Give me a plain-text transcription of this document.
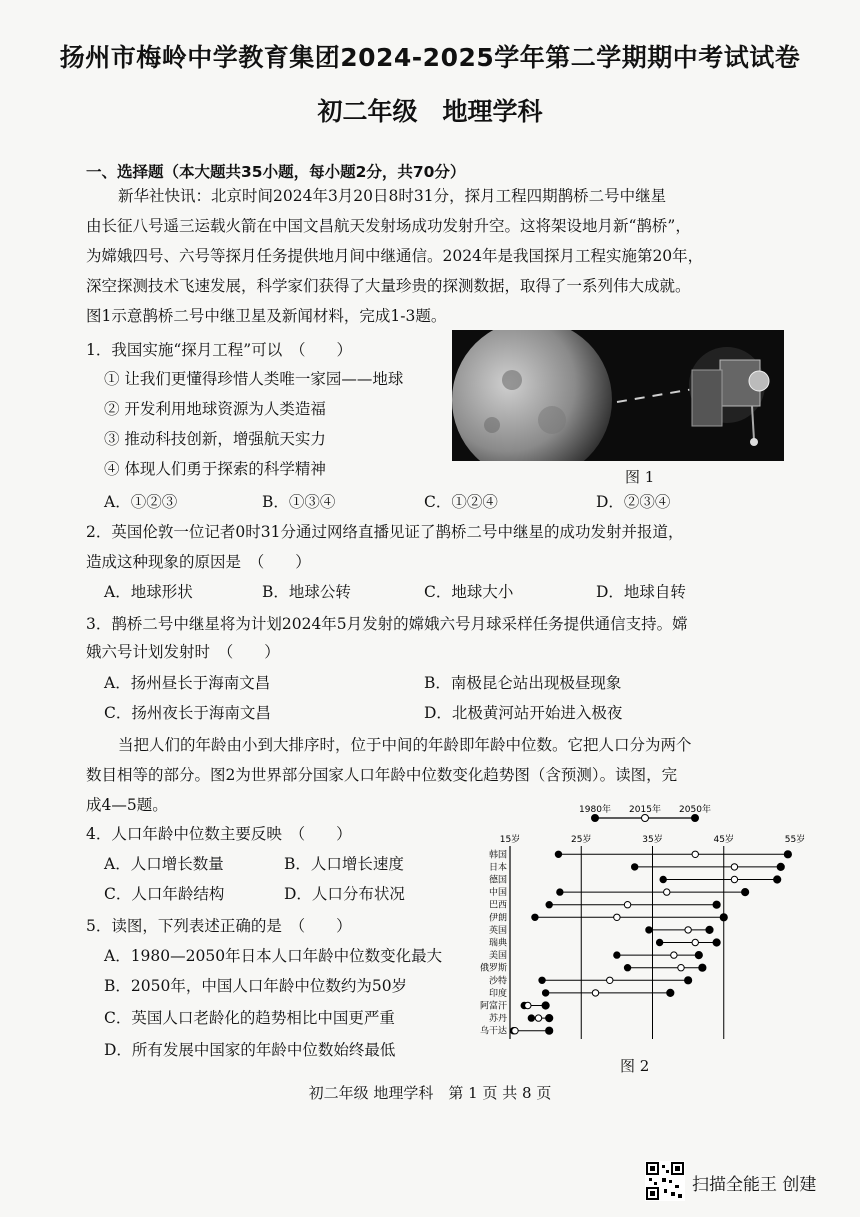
扬州市梅岭中学教育集团2024-2025学年第二学期期中考试试卷
初二年级　地理学科
一、选择题（本大题共35小题，每小题2分，共70分）
新华社快讯：北京时间2024年3月20日8时31分，探月工程四期鹊桥二号中继星
由长征八号遥三运载火箭在中国文昌航天发射场成功发射升空。这将架设地月新“鹊桥”，
为嫦娥四号、六号等探月任务提供地月间中继通信。2024年是我国探月工程实施第20年，
深空探测技术飞速发展，科学家们获得了大量珍贵的探测数据，取得了一系列伟大成就。
图1示意鹊桥二号中继卫星及新闻材料，完成1-3题。
1．我国实施“探月工程”可以　（　　）
① 让我们更懂得珍惜人类唯一家园——地球
② 开发利用地球资源为人类造福
③ 推动科技创新，增强航天实力
④ 体现人们勇于探索的科学精神	图 1
A．①②③	B．①③④	C．①②④	D．②③④
2．英国伦敦一位记者0时31分通过网络直播见证了鹊桥二号中继星的成功发射并报道，
造成这种现象的原因是　（　　）
A．地球形状	B．地球公转	C．地球大小	D．地球自转
3．鹊桥二号中继星将为计划2024年5月发射的嫦娥六号月球采样任务提供通信支持。嫦
娥六号计划发射时　（　　）
A．扬州昼长于海南文昌	B．南极昆仑站出现极昼现象
C．扬州夜长于海南文昌	D．北极黄河站开始进入极夜
当把人们的年龄由小到大排序时，位于中间的年龄即年龄中位数。它把人口分为两个
数目相等的部分。图2为世界部分国家人口年龄中位数变化趋势图（含预测）。读图，完
成4—5题。
4．人口年龄中位数主要反映　（　　）
A．人口增长数量	B．人口增长速度
C．人口年龄结构	D．人口分布状况
5．读图，下列表述正确的是　（　　）
A．1980—2050年日本人口年龄中位数变化最大
B．2050年，中国人口年龄中位数约为50岁
C．英国人口老龄化的趋势相比中国更严重
D．所有发展中国家的年龄中位数始终最低
1980年 2015年 2050年
15岁	25岁	35岁	45岁	55岁
韩国
日本
德国
中国
巴西
伊朗
英国
瑞典
美国
俄罗斯
沙特
印度
阿富汗
苏丹
乌干达
图 2
初二年级 地理学科　第 1 页 共 8 页
扫描全能王 创建
